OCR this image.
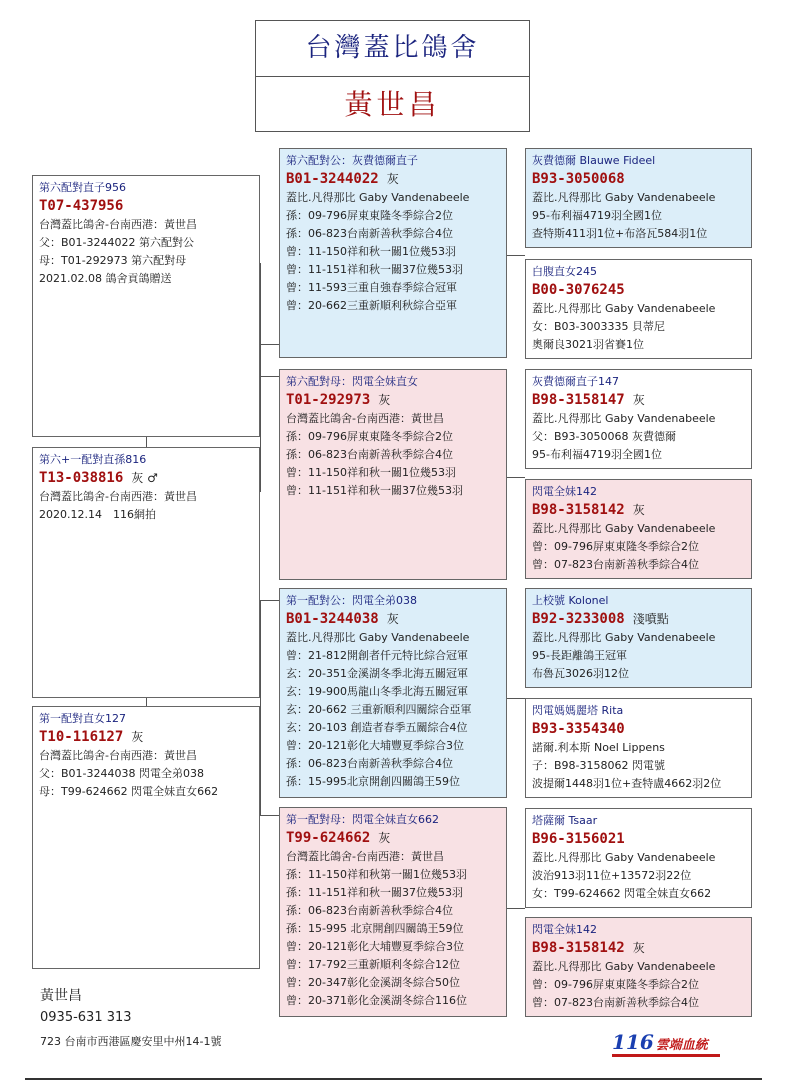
台灣蓋比鴿舍
黃世昌
第六配對直子956
T07-437956
台灣蓋比鴿舍-台南西港：黃世昌
父：B01-3244022 第六配對公
母：T01-292973 第六配對母
2021.02.08 鴿舍貢鴿贈送
第六+一配對直孫816
T13-038816 灰 ♂
台灣蓋比鴿舍-台南西港：黃世昌
2020.12.14　116網拍
第一配對直女127
T10-116127 灰
台灣蓋比鴿舍-台南西港：黃世昌
父：B01-3244038 閃電全弟038
母：T99-624662 閃電全妹直女662
第六配對公：灰費德爾直子
B01-3244022 灰
蓋比.凡得那比 Gaby Vandenabeele
孫：09-796屏東東隆冬季綜合2位
孫：06-823台南新善秋季綜合4位
曾：11-150祥和秋一關1位幾53羽
曾：11-151祥和秋一關37位幾53羽
曾：11-593三重自強春季綜合冠軍
曾：20-662三重新順利秋綜合亞軍
第六配對母：閃電全妹直女
T01-292973 灰
台灣蓋比鴿舍-台南西港：黃世昌
孫：09-796屏東東隆冬季綜合2位
孫：06-823台南新善秋季綜合4位
曾：11-150祥和秋一關1位幾53羽
曾：11-151祥和秋一關37位幾53羽
第一配對公：閃電全弟038
B01-3244038 灰
蓋比.凡得那比 Gaby Vandenabeele
曾：21-812開創者仟元特比綜合冠軍
玄：20-351金溪湖冬季北海五關冠軍
玄：19-900馬龍山冬季北海五關冠軍
玄：20-662 三重新順利四關綜合亞軍
玄：20-103 創造者春季五關綜合4位
曾：20-121彰化大埔豐夏季綜合3位
孫：06-823台南新善秋季綜合4位
孫：15-995北京開創四關鴿王59位
第一配對母：閃電全妹直女662
T99-624662 灰
台灣蓋比鴿舍-台南西港：黃世昌
孫：11-150祥和秋第一關1位幾53羽
孫：11-151祥和秋一關37位幾53羽
孫：06-823台南新善秋季綜合4位
孫：15-995 北京開創四關鴿王59位
曾：20-121彰化大埔豐夏季綜合3位
曾：17-792三重新順利冬綜合12位
曾：20-347彰化金溪湖冬綜合50位
曾：20-371彰化金溪湖冬綜合116位
灰費德爾 Blauwe Fideel
B93-3050068
蓋比.凡得那比 Gaby Vandenabeele
95-布利福4719羽全國1位
查特斯411羽1位+布洛瓦584羽1位
白腹直女245
B00-3076245
蓋比.凡得那比 Gaby Vandenabeele
女：B03-3003335 貝蒂尼
奧爾良3021羽省賽1位
灰費德爾直子147
B98-3158147 灰
蓋比.凡得那比 Gaby Vandenabeele
父：B93-3050068 灰費德爾
95-布利福4719羽全國1位
閃電全妹142
B98-3158142 灰
蓋比.凡得那比 Gaby Vandenabeele
曾：09-796屏東東隆冬季綜合2位
曾：07-823台南新善秋季綜合4位
上校號 Kolonel
B92-3233008 淺噴點
蓋比.凡得那比 Gaby Vandenabeele
95-長距離鴿王冠軍
布魯瓦3026羽12位
閃電媽媽麗塔 Rita
B93-3354340
諾爾.利本斯 Noel Lippens
子：B98-3158062 閃電號
波提爾1448羽1位+查特盧4662羽2位
塔薩爾 Tsaar
B96-3156021
蓋比.凡得那比 Gaby Vandenabeele
波治913羽11位+13572羽22位
女：T99-624662 閃電全妹直女662
閃電全妹142
B98-3158142 灰
蓋比.凡得那比 Gaby Vandenabeele
曾：09-796屏東東隆冬季綜合2位
曾：07-823台南新善秋季綜合4位
黃世昌
0935-631 313
723 台南市西港區慶安里中州14-1號	116 雲端血統
